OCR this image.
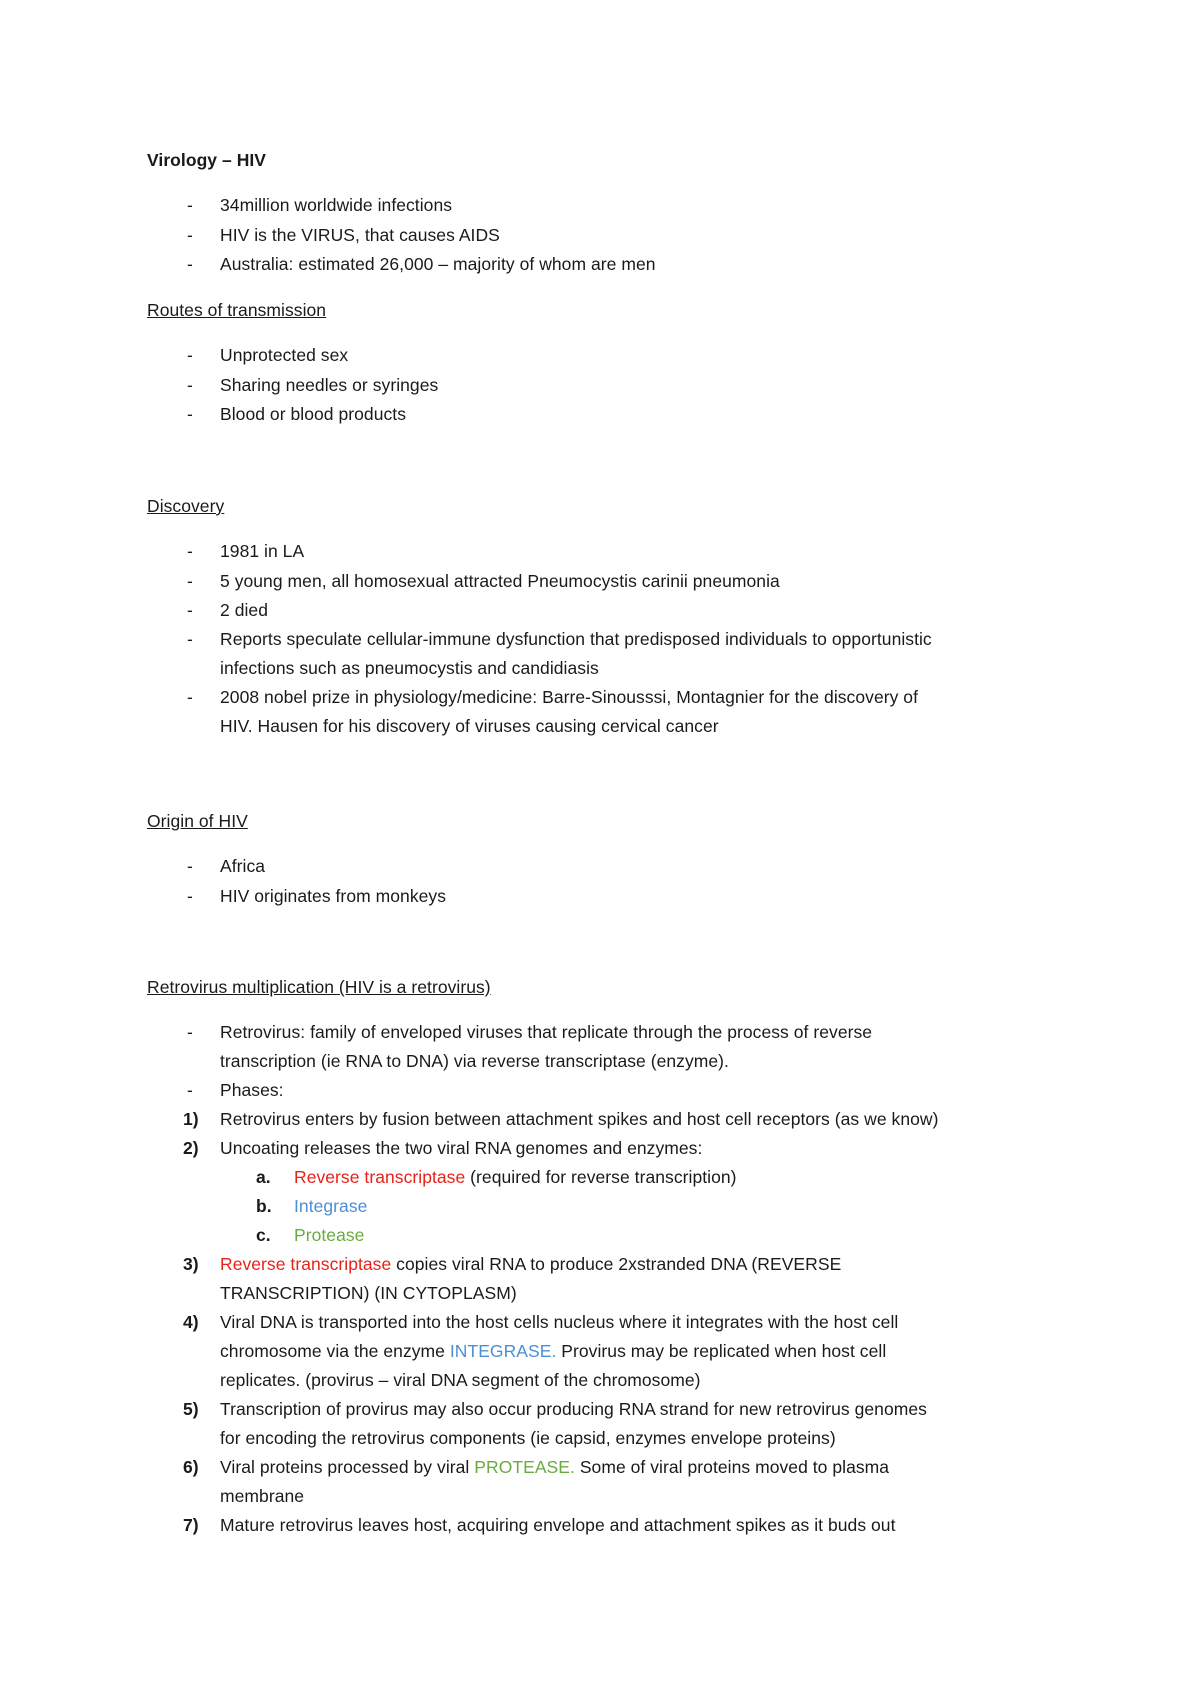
Virology – HIV
- 34million worldwide infections
- HIV is the VIRUS, that causes AIDS
- Australia: estimated 26,000 – majority of whom are men
Routes of transmission
- Unprotected sex
- Sharing needles or syringes
- Blood or blood products
Discovery
- 1981 in LA
- 5 young men, all homosexual attracted Pneumocystis carinii pneumonia
- 2 died
- Reports speculate cellular-immune dysfunction that predisposed individuals to opportunistic
infections such as pneumocystis and candidiasis
- 2008 nobel prize in physiology/medicine: Barre-Sinousssi, Montagnier for the discovery of
HIV. Hausen for his discovery of viruses causing cervical cancer
Origin of HIV
- Africa
- HIV originates from monkeys
Retrovirus multiplication (HIV is a retrovirus)
- Retrovirus: family of enveloped viruses that replicate through the process of reverse
transcription (ie RNA to DNA) via reverse transcriptase (enzyme).
- Phases:
1) Retrovirus enters by fusion between attachment spikes and host cell receptors (as we know)
2) Uncoating releases the two viral RNA genomes and enzymes:
a. Reverse transcriptase (required for reverse transcription)
b. Integrase
c. Protease
3) Reverse transcriptase copies viral RNA to produce 2xstranded DNA (REVERSE
TRANSCRIPTION) (IN CYTOPLASM)
4) Viral DNA is transported into the host cells nucleus where it integrates with the host cell
chromosome via the enzyme INTEGRASE. Provirus may be replicated when host cell
replicates. (provirus – viral DNA segment of the chromosome)
5) Transcription of provirus may also occur producing RNA strand for new retrovirus genomes
for encoding the retrovirus components (ie capsid, enzymes envelope proteins)
6) Viral proteins processed by viral PROTEASE. Some of viral proteins moved to plasma
membrane
7) Mature retrovirus leaves host, acquiring envelope and attachment spikes as it buds out
